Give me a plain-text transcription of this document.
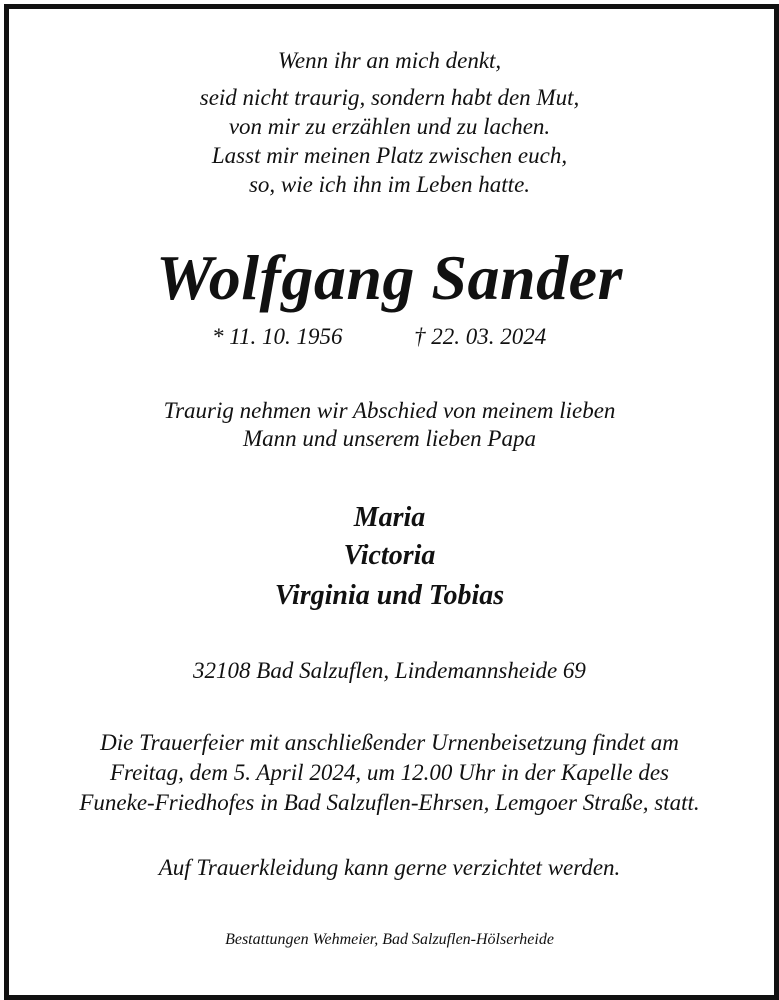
Wenn ihr an mich denkt,
seid nicht traurig, sondern habt den Mut,
von mir zu erzählen und zu lachen.
Lasst mir meinen Platz zwischen euch,
so, wie ich ihn im Leben hatte.
Wolfgang Sander
* 11. 10. 1956	† 22. 03. 2024
Traurig nehmen wir Abschied von meinem lieben
Mann und unserem lieben Papa
Maria
Victoria
Virginia und Tobias
32108 Bad Salzuflen, Lindemannsheide 69
Die Trauerfeier mit anschließender Urnenbeisetzung findet am
Freitag, dem 5. April 2024, um 12.00 Uhr in der Kapelle des
Funeke-Friedhofes in Bad Salzuflen-Ehrsen, Lemgoer Straße, statt.
Auf Trauerkleidung kann gerne verzichtet werden.
Bestattungen Wehmeier, Bad Salzuflen-Hölserheide
